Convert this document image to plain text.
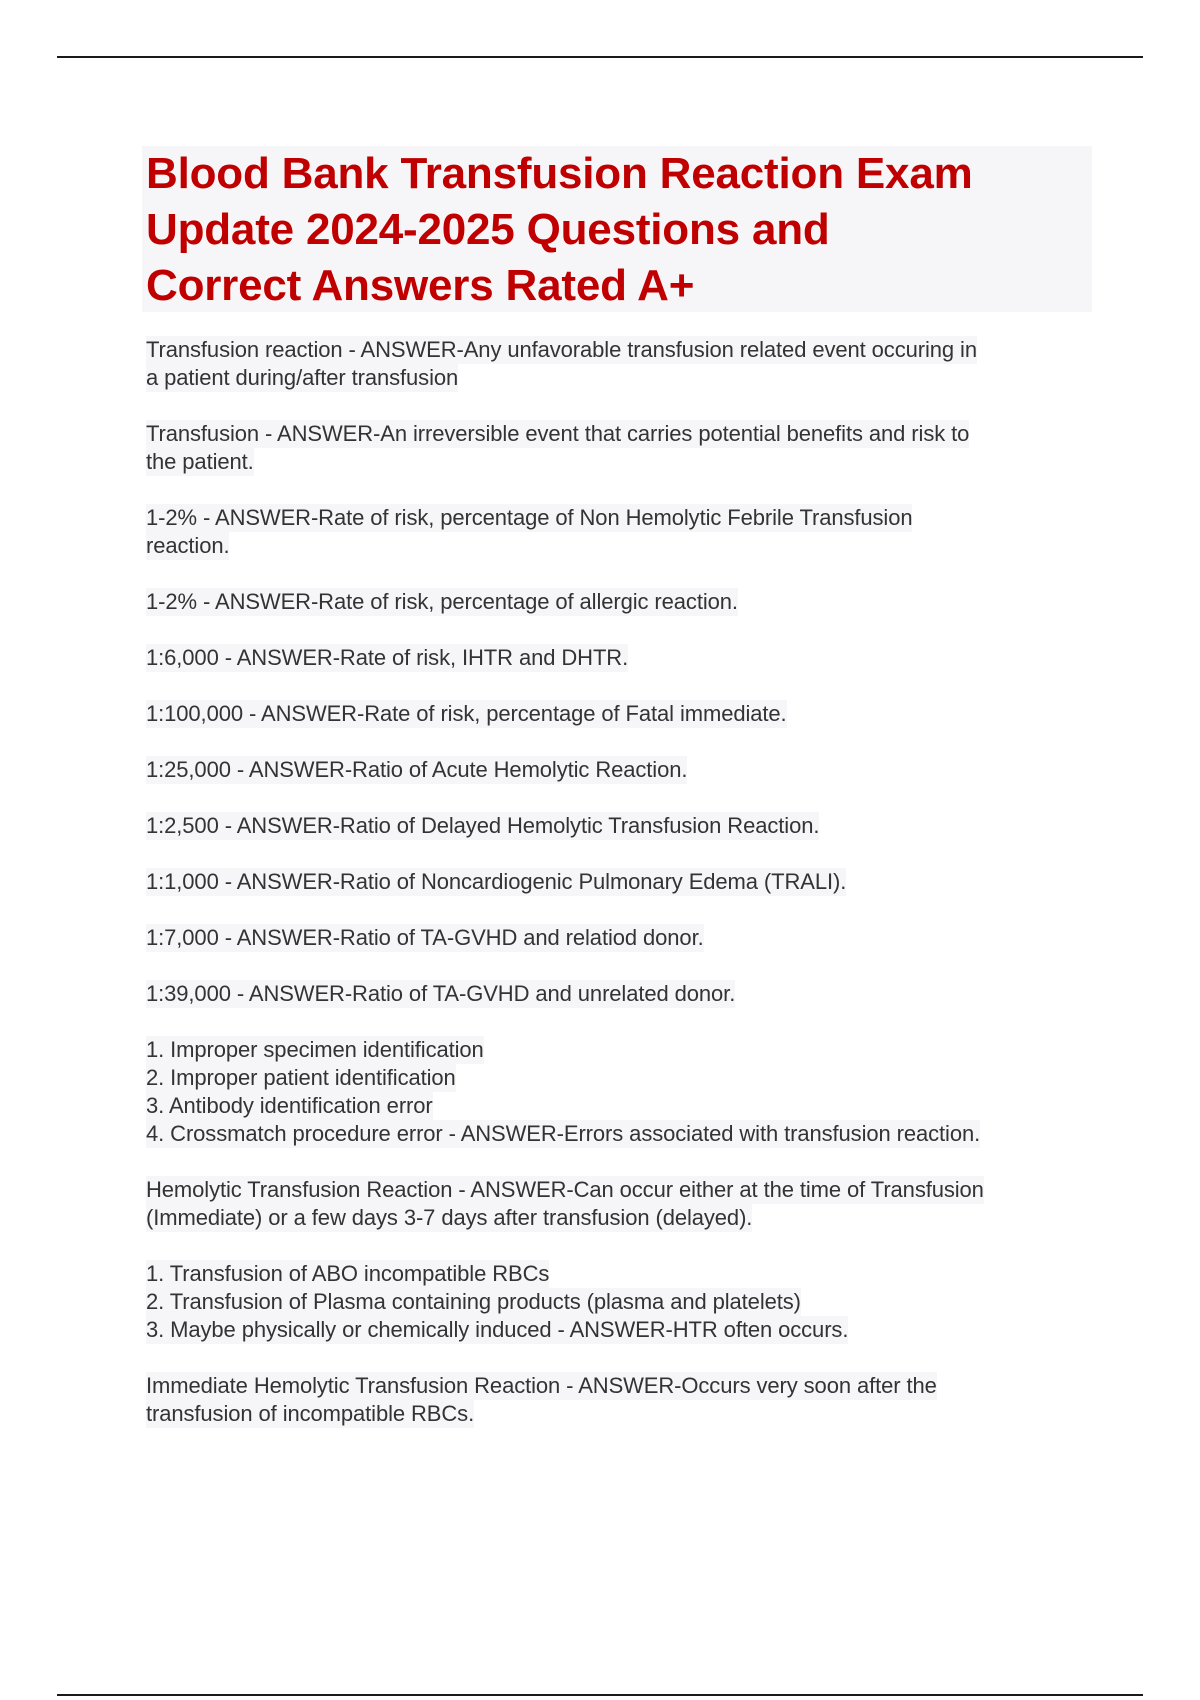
Blood Bank Transfusion Reaction Exam
Update 2024-2025 Questions and
Correct Answers Rated A+
Transfusion reaction - ANSWER-Any unfavorable transfusion related event occuring in
a patient during/after transfusion
Transfusion - ANSWER-An irreversible event that carries potential benefits and risk to
the patient.
1-2% - ANSWER-Rate of risk, percentage of Non Hemolytic Febrile Transfusion
reaction.
1-2% - ANSWER-Rate of risk, percentage of allergic reaction.
1:6,000 - ANSWER-Rate of risk, IHTR and DHTR.
1:100,000 - ANSWER-Rate of risk, percentage of Fatal immediate.
1:25,000 - ANSWER-Ratio of Acute Hemolytic Reaction.
1:2,500 - ANSWER-Ratio of Delayed Hemolytic Transfusion Reaction.
1:1,000 - ANSWER-Ratio of Noncardiogenic Pulmonary Edema (TRALI).
1:7,000 - ANSWER-Ratio of TA-GVHD and relatiod donor.
1:39,000 - ANSWER-Ratio of TA-GVHD and unrelated donor.
1. Improper specimen identification
2. Improper patient identification
3. Antibody identification error
4. Crossmatch procedure error - ANSWER-Errors associated with transfusion reaction.
Hemolytic Transfusion Reaction - ANSWER-Can occur either at the time of Transfusion
(Immediate) or a few days 3-7 days after transfusion (delayed).
1. Transfusion of ABO incompatible RBCs
2. Transfusion of Plasma containing products (plasma and platelets)
3. Maybe physically or chemically induced - ANSWER-HTR often occurs.
Immediate Hemolytic Transfusion Reaction - ANSWER-Occurs very soon after the
transfusion of incompatible RBCs.
